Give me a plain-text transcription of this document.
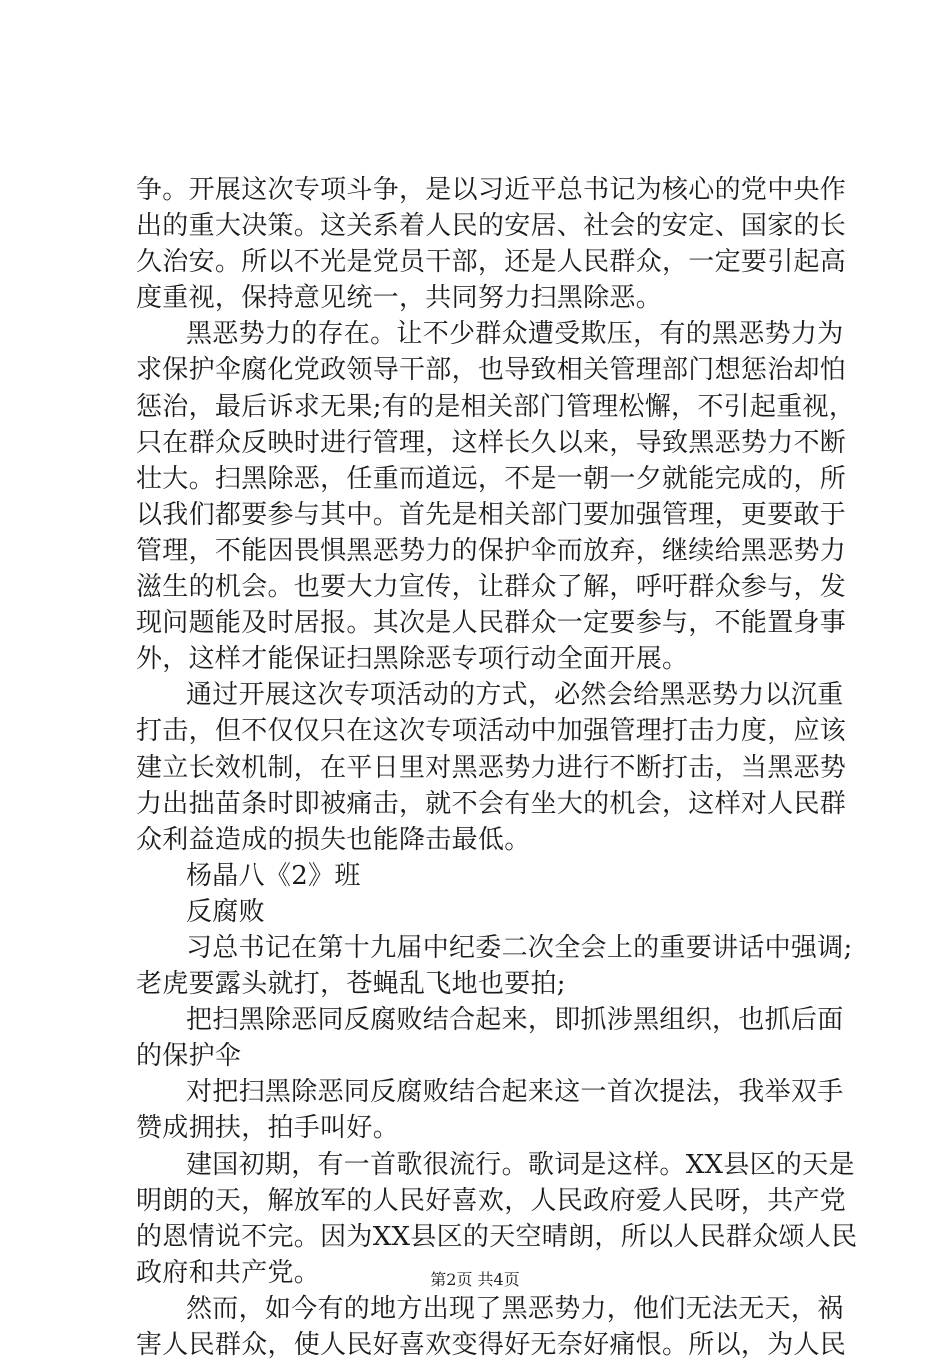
争。开展这次专项斗争，是以习近平总书记为核心的党中央作
出的重大决策。这关系着人民的安居、社会的安定、国家的长
久治安。所以不光是党员干部，还是人民群众，一定要引起高
度重视，保持意见统一，共同努力扫黑除恶。
黑恶势力的存在。让不少群众遭受欺压，有的黑恶势力为
求保护伞腐化党政领导干部，也导致相关管理部门想惩治却怕
惩治，最后诉求无果;有的是相关部门管理松懈，不引起重视，
只在群众反映时进行管理，这样长久以来，导致黑恶势力不断
壮大。扫黑除恶，任重而道远，不是一朝一夕就能完成的，所
以我们都要参与其中。首先是相关部门要加强管理，更要敢于
管理，不能因畏惧黑恶势力的保护伞而放弃，继续给黑恶势力
滋生的机会。也要大力宣传，让群众了解，呼吁群众参与，发
现问题能及时居报。其次是人民群众一定要参与，不能置身事
外，这样才能保证扫黑除恶专项行动全面开展。
通过开展这次专项活动的方式，必然会给黑恶势力以沉重
打击，但不仅仅只在这次专项活动中加强管理打击力度，应该
建立长效机制，在平日里对黑恶势力进行不断打击，当黑恶势
力出拙苗条时即被痛击，就不会有坐大的机会，这样对人民群
众利益造成的损失也能降击最低。
杨晶八《2》班
反腐败
习总书记在第十九届中纪委二次全会上的重要讲话中强调;
老虎要露头就打，苍蝇乱飞地也要拍;
把扫黑除恶同反腐败结合起来，即抓涉黑组织，也抓后面
的保护伞
对把扫黑除恶同反腐败结合起来这一首次提法，我举双手
赞成拥扶，拍手叫好。
建国初期，有一首歌很流行。歌词是这样。XX县区的天是
明朗的天，解放军的人民好喜欢，人民政府爱人民呀，共产党
的恩情说不完。因为XX县区的天空晴朗，所以人民群众颂人民
政府和共产党。
然而，如今有的地方出现了黑恶势力，他们无法无天，祸
害人民群众，使人民好喜欢变得好无奈好痛恨。所以，为人民
第2页 共4页
